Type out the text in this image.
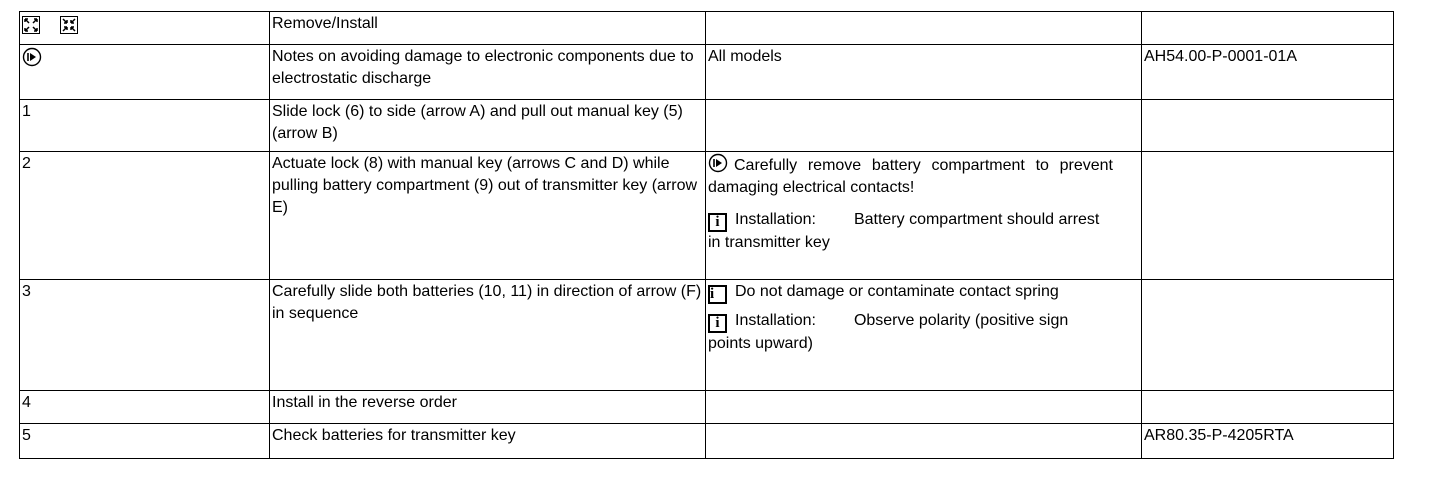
	Remove/Install		
	Notes on avoiding damage to electronic components due to electrostatic discharge	All models	AH54.00-P-0001-01A
1	Slide lock (6) to side (arrow A) and pull out manual key (5) (arrow B)		
2	Actuate lock (8) with manual key (arrows C and D) while pulling battery compartment (9) out of transmitter key (arrow E)	Carefully remove battery compartment to prevent damaging electrical contacts!
i Installation: Battery compartment should arrest in transmitter key	

3	Carefully slide both batteries (10, 11) in direction of arrow (F) in sequence	i Do not damage or contaminate contact spring
i Installation: Observe polarity (positive sign points upward)	

4	Install in the reverse order		
5	Check batteries for transmitter key		AR80.35-P-4205RTA
